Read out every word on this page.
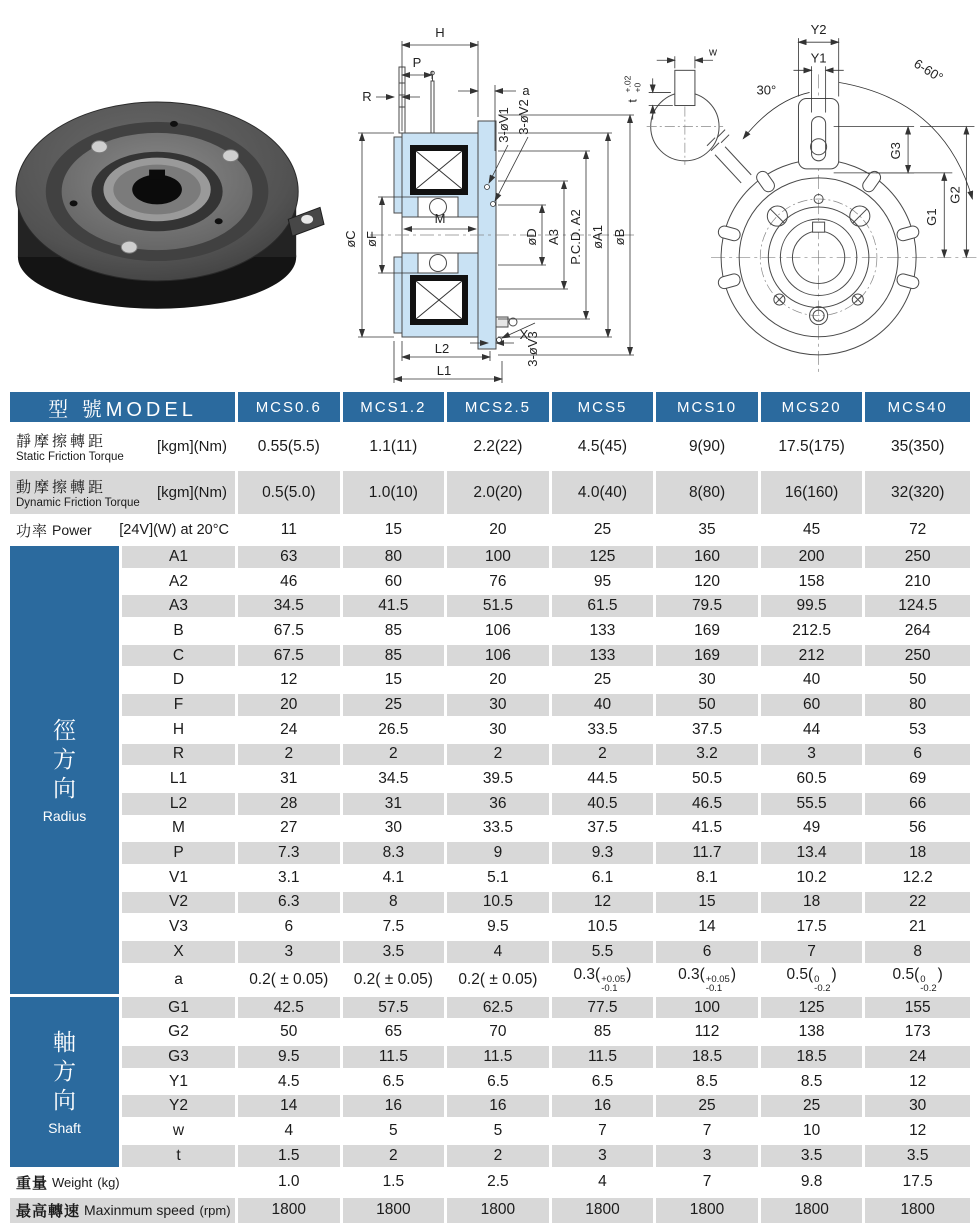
H
P
R	a
3-øV1 3-øV2
øC øF
M
øD A3 P.C.D. A2 øA1 øB
X
L2
L1
3-øV3
w
t
+.02 +0
Y2
Y1
30°
6-60°
G3
G1
G2
型 號MODEL		MCS0.6	MCS1.2	MCS2.5	MCS5	MCS10	MCS20	MCS40

靜摩擦轉距
Static Friction Torque
[kgm](Nm)		0.55(5.5)	1.1(11)	2.2(22)	4.5(45)	9(90)	17.5(175)	35(350)

動摩擦轉距
Dynamic Friction Torque
[kgm](Nm)		0.5(5.0)	1.0(10)	2.0(20)	4.0(40)	8(80)	16(160)	32(320)

功率 Power [24V](W) at 20°C		11	15	20	25	35	45	72

徑
方
向
Radius	A1	63	80	100	125	160	200	250
	A2	46	60	76	95	120	158	210
	A3	34.5	41.5	51.5	61.5	79.5	99.5	124.5
	B	67.5	85	106	133	169	212.5	264
	C	67.5	85	106	133	169	212	250
	D	12	15	20	25	30	40	50
	F	20	25	30	40	50	60	80
	H	24	26.5	30	33.5	37.5	44	53
	R	2	2	2	2	3.2	3	6
	L1	31	34.5	39.5	44.5	50.5	60.5	69
	L2	28	31	36	40.5	46.5	55.5	66
	M	27	30	33.5	37.5	41.5	49	56
	P	7.3	8.3	9	9.3	11.7	13.4	18
	V1	3.1	4.1	5.1	6.1	8.1	10.2	12.2
	V2	6.3	8	10.5	12	15	18	22
	V3	6	7.5	9.5	10.5	14	17.5	21
	X	3	3.5	4	5.5	6	7	8
	a	0.2( ± 0.05)	0.2( ± 0.05)	0.2( ± 0.05)	0.3( +0.05
-0.1
)	0.3( +0.05
-0.1
)	0.5( 0
-0.2
)	0.5( 0
-0.2
)

軸
方
向
Shaft	G1	42.5	57.5	62.5	77.5	100	125	155
	G2	50	65	70	85	112	138	173
	G3	9.5	11.5	11.5	11.5	18.5	18.5	24
	Y1	4.5	6.5	6.5	6.5	8.5	8.5	12
	Y2	14	16	16	16	25	25	30
	w	4	5	5	7	7	10	12
	t	1.5	2	2	3	3	3.5	3.5

重量 Weight (kg)		1.0	1.5	2.5	4	7	9.8	17.5

最高轉速 Maxinmum speed (rpm)		1800	1800	1800	1800	1800	1800	1800
